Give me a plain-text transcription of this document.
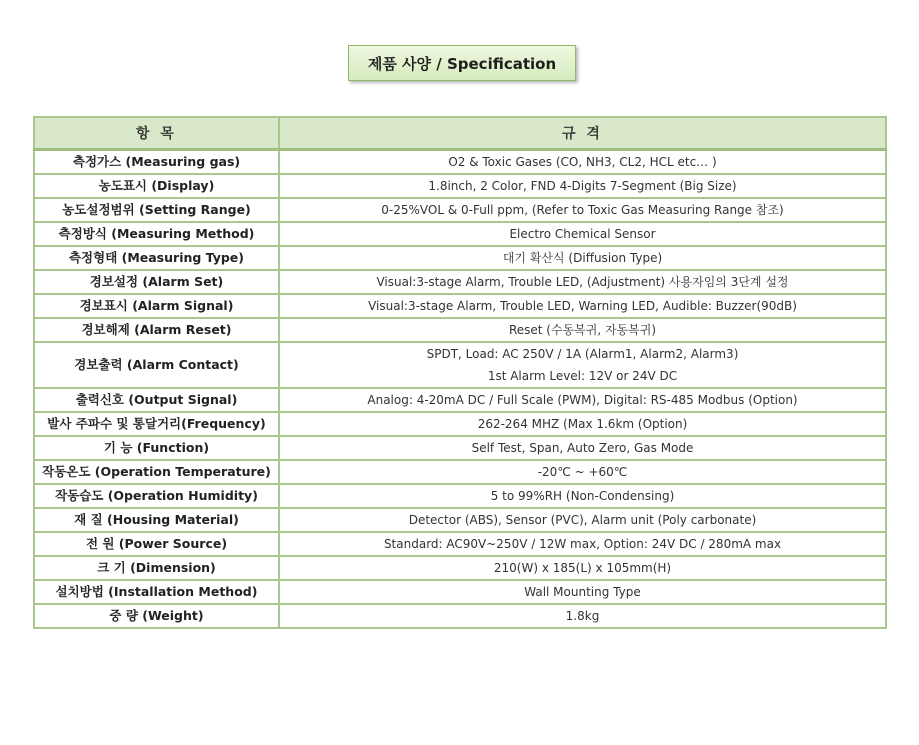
제품 사양 / Specification
항 목	규 격
측정가스 (Measuring gas)	O2 & Toxic Gases (CO, NH3, CL2, HCL etc… )
농도표시 (Display)	1.8inch, 2 Color, FND 4-Digits 7-Segment (Big Size)
농도설정범위 (Setting Range)	0-25%VOL & 0-Full ppm, (Refer to Toxic Gas Measuring Range 참조)
측정방식 (Measuring Method)	Electro Chemical Sensor
측정형태 (Measuring Type)	대기 확산식 (Diffusion Type)
경보설정 (Alarm Set)	Visual:3-stage Alarm, Trouble LED, (Adjustment) 사용자임의 3단계 설정
경보표시 (Alarm Signal)	Visual:3-stage Alarm, Trouble LED, Warning LED, Audible: Buzzer(90dB)
경보해제 (Alarm Reset)	Reset (수동복귀, 자동복귀)
경보출력 (Alarm Contact)	SPDT, Load: AC 250V / 1A (Alarm1, Alarm2, Alarm3)
1st Alarm Level: 12V or 24V DC

출력신호 (Output Signal)	Analog: 4-20mA DC / Full Scale (PWM), Digital: RS-485 Modbus (Option)
발사 주파수 및 통달거리(Frequency)	262-264 MHZ (Max 1.6km (Option)
기 능 (Function)	Self Test, Span, Auto Zero, Gas Mode
작동온도 (Operation Temperature)	-20℃ ~ +60℃
작동습도 (Operation Humidity)	5 to 99%RH (Non-Condensing)
재 질 (Housing Material)	Detector (ABS), Sensor (PVC), Alarm unit (Poly carbonate)
전 원 (Power Source)	Standard: AC90V~250V / 12W max, Option: 24V DC / 280mA max
크 기 (Dimension)	210(W) x 185(L) x 105mm(H)
설치방법 (Installation Method)	Wall Mounting Type
중 량 (Weight)	1.8kg
